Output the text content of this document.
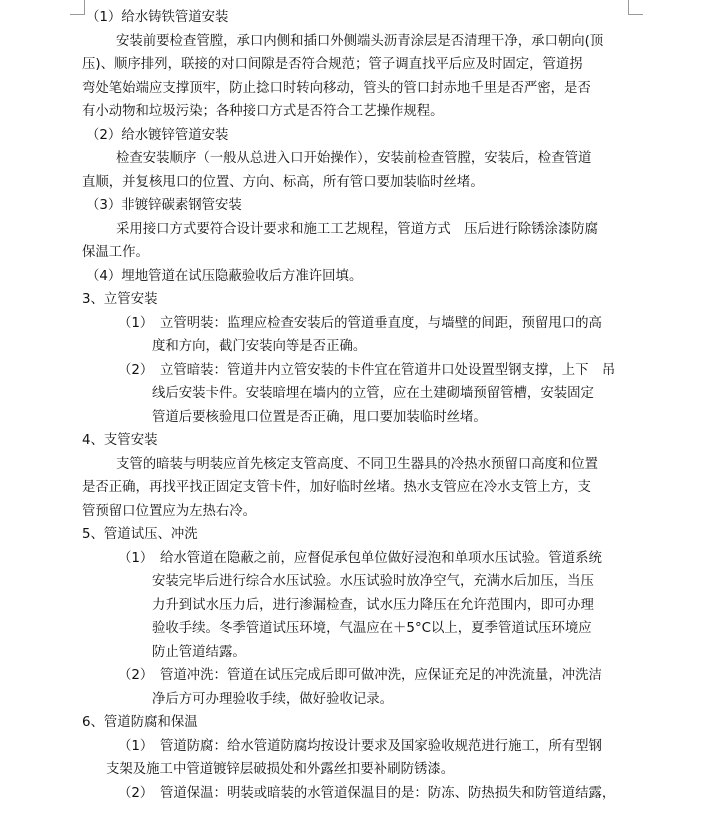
（1）给水铸铁管道安装
安装前要检查管膛，承口内侧和插口外侧端头沥青涂层是否清理干净，承口朝向(顶
压)、顺序排列，联接的对口间隙是否符合规范；管子调直找平后应及时固定，管道拐
弯处笔始端应支撑顶牢，防止捻口时转向移动，管头的管口封赤地千里是否严密，是否
有小动物和垃圾污染；各种接口方式是否符合工艺操作规程。
（2）给水镀锌管道安装
检查安装顺序（一般从总进入口开始操作），安装前检查管膛，安装后，检查管道
直顺，并复核甩口的位置、方向、标高，所有管口要加装临时丝堵。
（3）非镀锌碳素钢管安装
采用接口方式要符合设计要求和施工工艺规程，管道方式　压后进行除锈涂漆防腐
保温工作。
（4）埋地管道在试压隐蔽验收后方准许回填。
3、立管安装
（1）　立管明装：监理应检查安装后的管道垂直度，与墙壁的间距，预留甩口的高
度和方向，截门安装向等是否正确。
（2）　立管暗装：管道井内立管安装的卡件宜在管道井口处设置型钢支撑，上下　吊
线后安装卡件。安装暗埋在墙内的立管，应在土建砌墙预留管槽，安装固定
管道后要核验甩口位置是否正确，甩口要加装临时丝堵。
4、支管安装
支管的暗装与明装应首先核定支管高度、不同卫生器具的冷热水预留口高度和位置
是否正确，再找平找正固定支管卡件，加好临时丝堵。热水支管应在冷水支管上方，支
管预留口位置应为左热右冷。
5、管道试压、冲洗
（1）　给水管道在隐蔽之前，应督促承包单位做好浸泡和单项水压试验。管道系统
安装完毕后进行综合水压试验。水压试验时放净空气，充满水后加压，当压
力升到试水压力后，进行渗漏检查，试水压力降压在允许范围内，即可办理
验收手续。冬季管道试压环境，气温应在＋5°C以上，夏季管道试压环境应
防止管道结露。
（2）　管道冲洗：管道在试压完成后即可做冲洗，应保证充足的冲洗流量，冲洗洁
净后方可办理验收手续，做好验收记录。
6、管道防腐和保温
（1）　管道防腐：给水管道防腐均按设计要求及国家验收规范进行施工，所有型钢
支架及施工中管道镀锌层破损处和外露丝扣要补刷防锈漆。
（2）　管道保温：明装或暗装的水管道保温目的是：防冻、防热损失和防管道结露，
